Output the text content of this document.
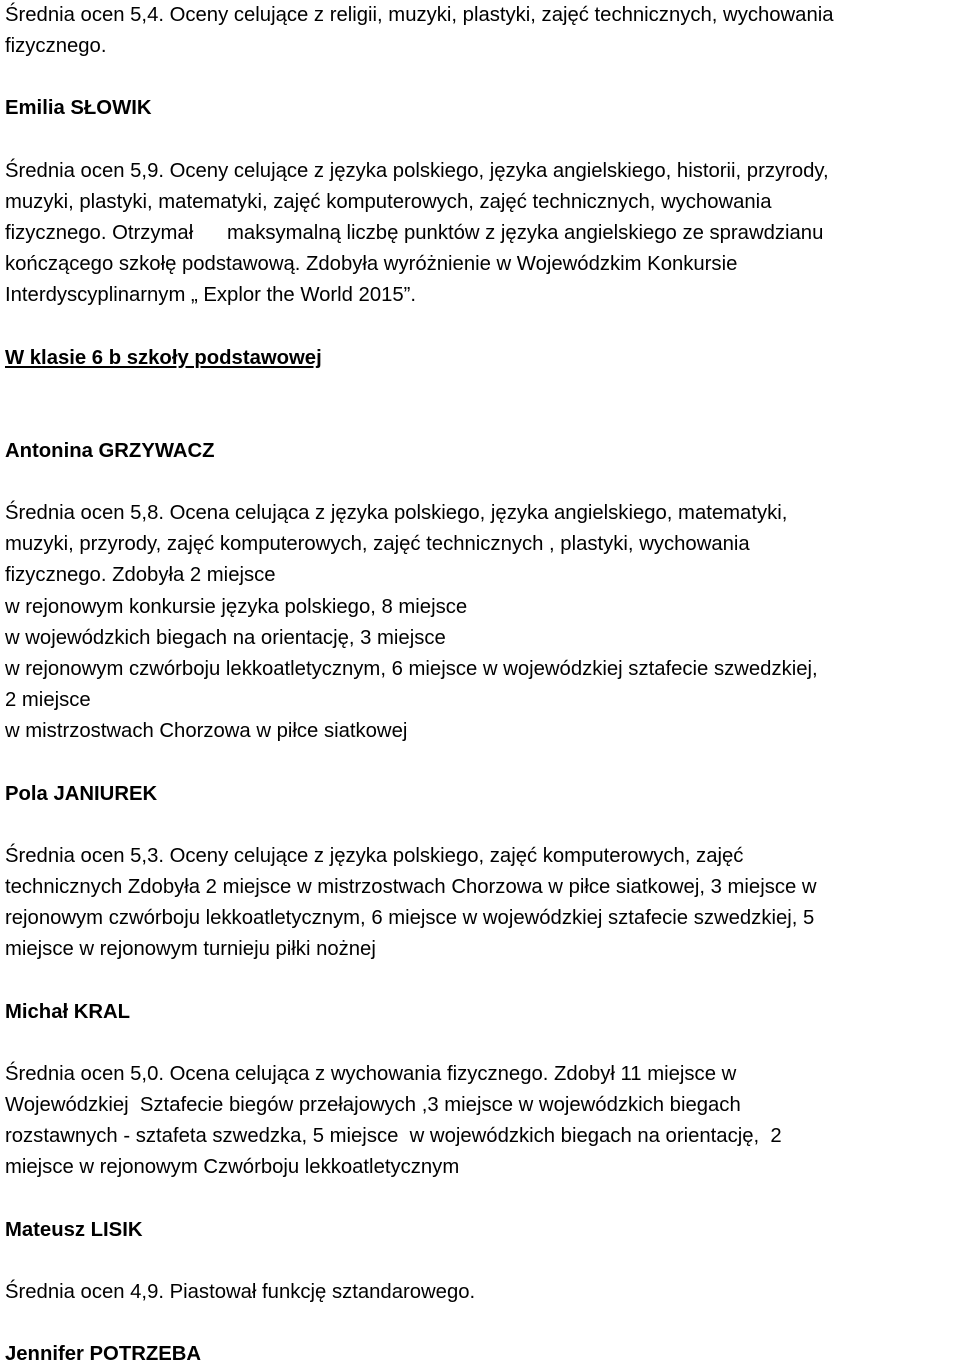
Średnia ocen 5,4. Oceny celujące z religii, muzyki, plastyki, zajęć technicznych, wychowania
fizycznego.

Emilia SŁOWIK

Średnia ocen 5,9. Oceny celujące z języka polskiego, języka angielskiego, historii, przyrody,
muzyki, plastyki, matematyki, zajęć komputerowych, zajęć technicznych, wychowania
fizycznego. Otrzymał      maksymalną liczbę punktów z języka angielskiego ze sprawdzianu
kończącego szkołę podstawową. Zdobyła wyróżnienie w Wojewódzkim Konkursie
Interdyscyplinarnym „ Explor the World 2015”.

W klasie 6 b szkoły podstawowej

Antonina GRZYWACZ

Średnia ocen 5,8. Ocena celująca z języka polskiego, języka angielskiego, matematyki,
muzyki, przyrody, zajęć komputerowych, zajęć technicznych , plastyki, wychowania
fizycznego. Zdobyła 2 miejsce
w rejonowym konkursie języka polskiego, 8 miejsce
w wojewódzkich biegach na orientację, 3 miejsce
w rejonowym czwórboju lekkoatletycznym, 6 miejsce w wojewódzkiej sztafecie szwedzkiej,
2 miejsce
w mistrzostwach Chorzowa w piłce siatkowej

Pola JANIUREK

Średnia ocen 5,3. Oceny celujące z języka polskiego, zajęć komputerowych, zajęć
technicznych Zdobyła 2 miejsce w mistrzostwach Chorzowa w piłce siatkowej, 3 miejsce w
rejonowym czwórboju lekkoatletycznym, 6 miejsce w wojewódzkiej sztafecie szwedzkiej, 5
miejsce w rejonowym turnieju piłki nożnej

Michał KRAL

Średnia ocen 5,0. Ocena celująca z wychowania fizycznego. Zdobył 11 miejsce w
Wojewódzkiej  Sztafecie biegów przełajowych ,3 miejsce w wojewódzkich biegach
rozstawnych - sztafeta szwedzka, 5 miejsce  w wojewódzkich biegach na orientację,  2
miejsce w rejonowym Czwórboju lekkoatletycznym

Mateusz LISIK

Średnia ocen 4,9. Piastował funkcję sztandarowego.

Jennifer POTRZEBA
